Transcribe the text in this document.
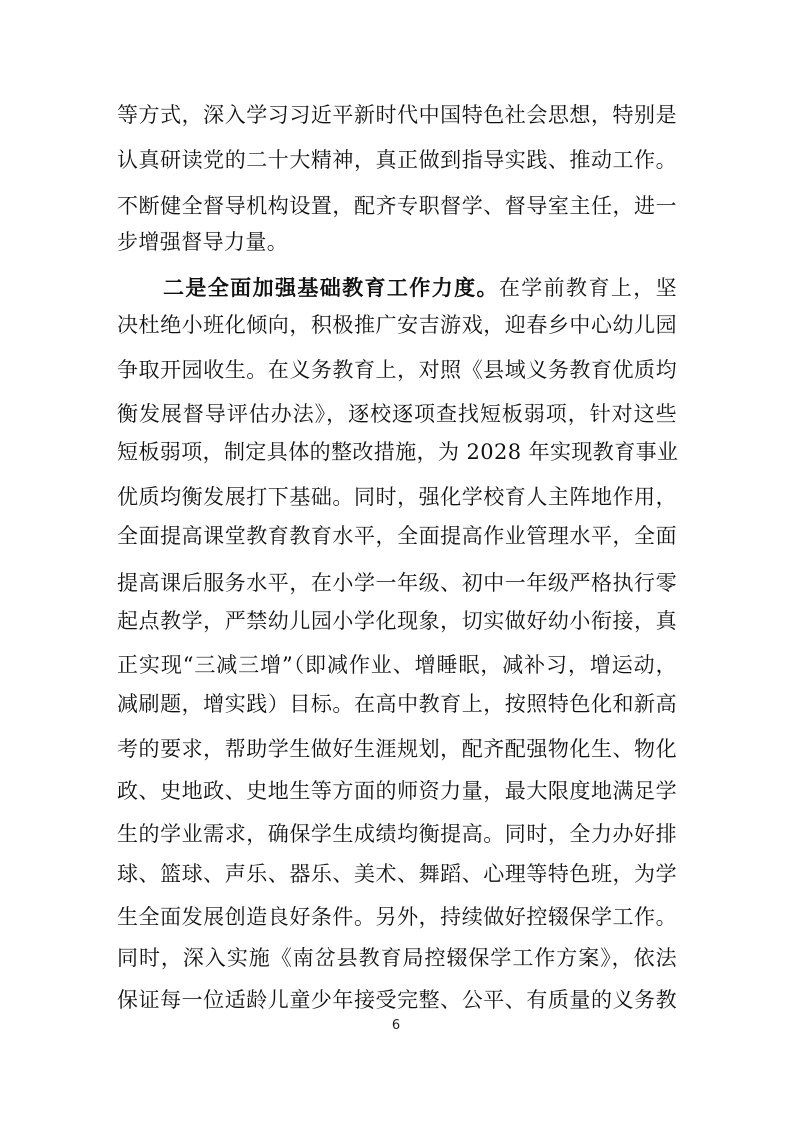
等方式，深入学习习近平新时代中国特色社会思想，特别是
认真研读党的二十大精神，真正做到指导实践、推动工作。
不断健全督导机构设置，配齐专职督学、督导室主任，进一
步增强督导力量。
二是全面加强基础教育工作力度。在学前教育上，坚
决杜绝小班化倾向，积极推广安吉游戏，迎春乡中心幼儿园
争取开园收生。在义务教育上，对照《县域义务教育优质均
衡发展督导评估办法》，逐校逐项查找短板弱项，针对这些
短板弱项，制定具体的整改措施，为 2028 年实现教育事业
优质均衡发展打下基础。同时，强化学校育人主阵地作用，
全面提高课堂教育教育水平，全面提高作业管理水平，全面
提高课后服务水平，在小学一年级、初中一年级严格执行零
起点教学，严禁幼儿园小学化现象，切实做好幼小衔接，真
正实现“三减三增”（即减作业、增睡眠，减补习，增运动，
减刷题，增实践）目标。在高中教育上，按照特色化和新高
考的要求，帮助学生做好生涯规划，配齐配强物化生、物化
政、史地政、史地生等方面的师资力量，最大限度地满足学
生的学业需求，确保学生成绩均衡提高。同时，全力办好排
球、篮球、声乐、器乐、美术、舞蹈、心理等特色班，为学
生全面发展创造良好条件。另外，持续做好控辍保学工作。
同时，深入实施《南岔县教育局控辍保学工作方案》，依法
保证每一位适龄儿童少年接受完整、公平、有质量的义务教
6
